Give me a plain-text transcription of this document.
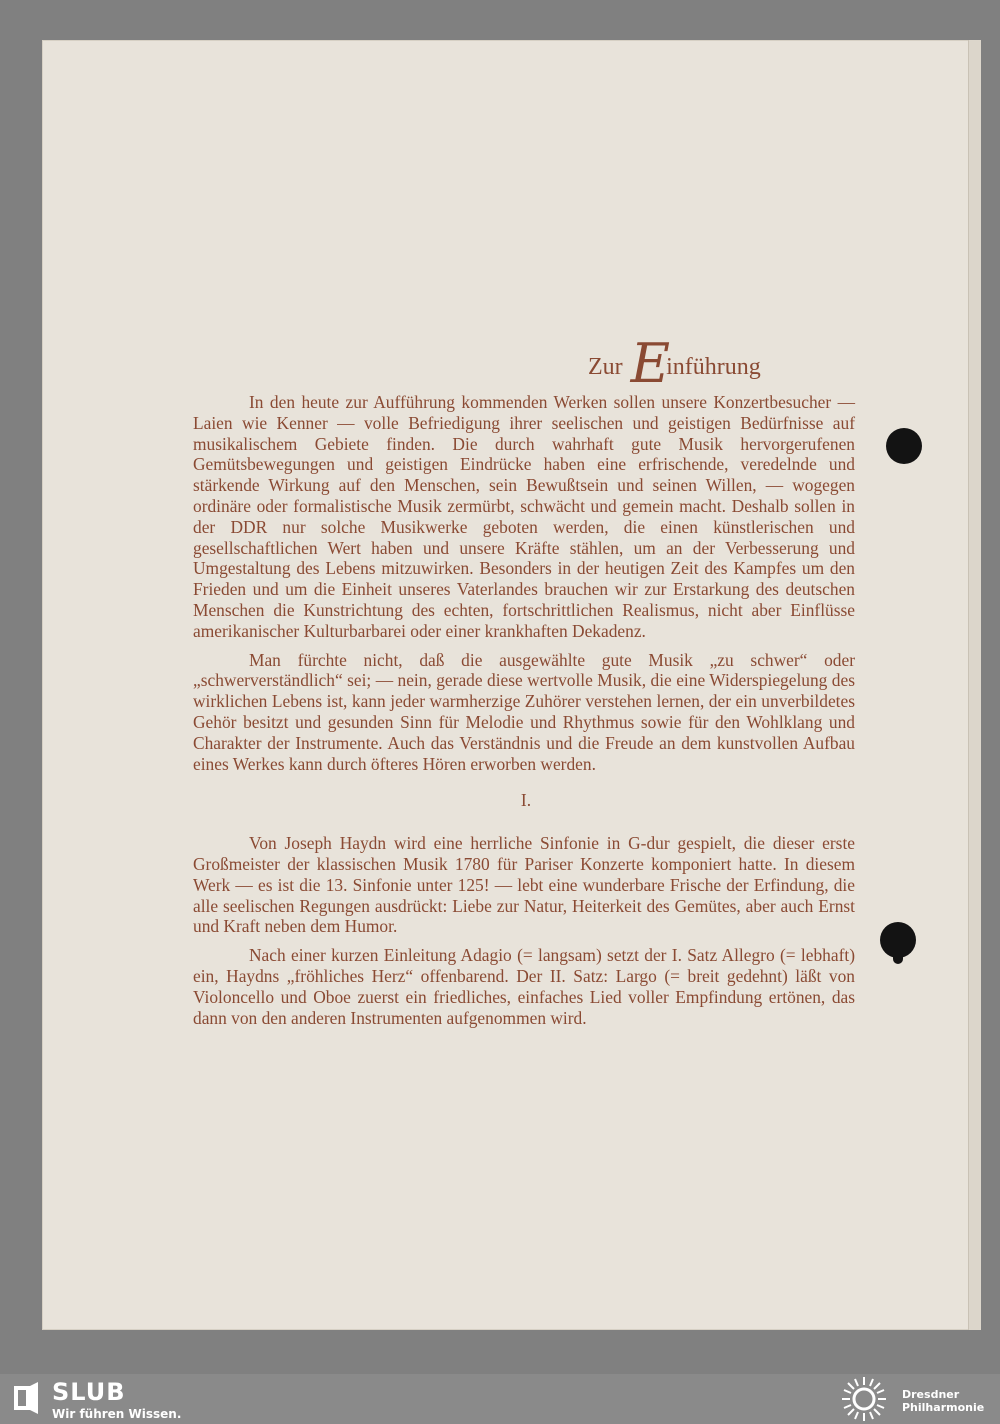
Zur Einführung

In den heute zur Aufführung kommenden Werken sollen unsere Konzertbesucher — Laien wie Kenner — volle Befriedigung ihrer seelischen und geistigen Bedürfnisse auf musikalischem Gebiete finden. Die durch wahrhaft gute Musik hervorgerufenen Gemütsbewegungen und geistigen Eindrücke haben eine erfrischende, veredelnde und stärkende Wirkung auf den Menschen, sein Bewußtsein und seinen Willen, — wogegen ordinäre oder formalistische Musik zermürbt, schwächt und gemein macht. Deshalb sollen in der DDR nur solche Musikwerke geboten werden, die einen künstlerischen und gesellschaftlichen Wert haben und unsere Kräfte stählen, um an der Verbesserung und Umgestaltung des Lebens mitzuwirken. Besonders in der heutigen Zeit des Kampfes um den Frieden und um die Einheit unseres Vaterlandes brauchen wir zur Erstarkung des deutschen Menschen die Kunstrichtung des echten, fortschrittlichen Realismus, nicht aber Einflüsse amerikanischer Kulturbarbarei oder einer krankhaften Dekadenz.

Man fürchte nicht, daß die ausgewählte gute Musik „zu schwer“ oder „schwerverständlich“ sei; — nein, gerade diese wertvolle Musik, die eine Widerspiegelung des wirklichen Lebens ist, kann jeder warmherzige Zuhörer verstehen lernen, der ein unverbildetes Gehör besitzt und gesunden Sinn für Melodie und Rhythmus sowie für den Wohlklang und Charakter der Instrumente. Auch das Verständnis und die Freude an dem kunstvollen Aufbau eines Werkes kann durch öfteres Hören erworben werden.

I.

Von Joseph Haydn wird eine herrliche Sinfonie in G-dur gespielt, die dieser erste Großmeister der klassischen Musik 1780 für Pariser Konzerte komponiert hatte. In diesem Werk — es ist die 13. Sinfonie unter 125! — lebt eine wunderbare Frische der Erfindung, die alle seelischen Regungen ausdrückt: Liebe zur Natur, Heiterkeit des Gemütes, aber auch Ernst und Kraft neben dem Humor.

Nach einer kurzen Einleitung Adagio (= langsam) setzt der I. Satz Allegro (= lebhaft) ein, Haydns „fröhliches Herz“ offenbarend. Der II. Satz: Largo (= breit gedehnt) läßt von Violoncello und Oboe zuerst ein friedliches, einfaches Lied voller Empfindung ertönen, das dann von den anderen Instrumenten aufgenommen wird.

SLUB
Wir führen Wissen.
Dresdner
Philharmonie
